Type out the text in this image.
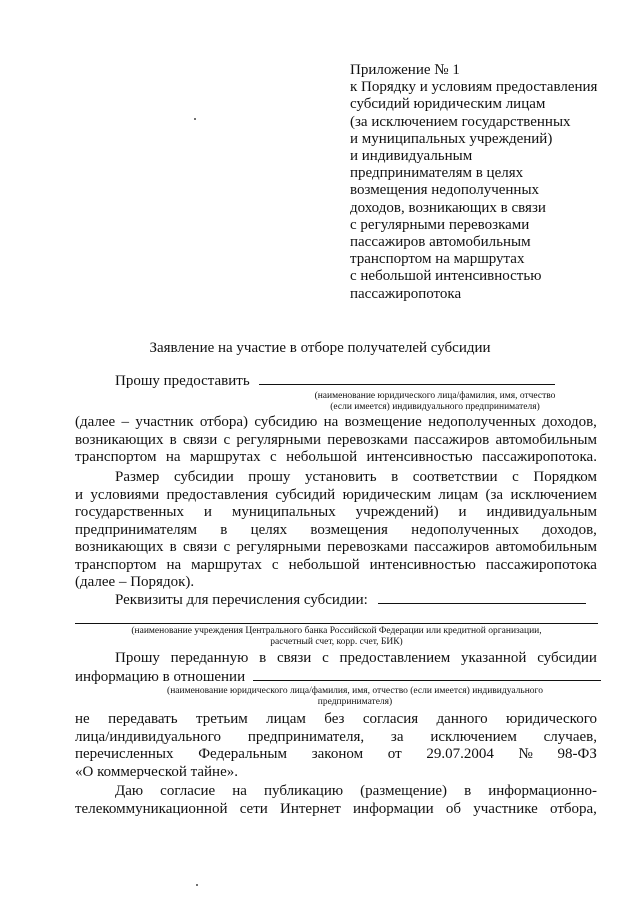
Приложение № 1
к Порядку и условиям предоставления
субсидий юридическим лицам
(за исключением государственных
и муниципальных учреждений)
и индивидуальным
предпринимателям в целях
возмещения недополученных
доходов, возникающих в связи
с регулярными перевозками
пассажиров автомобильным
транспортом на маршрутах
с небольшой интенсивностью
пассажиропотока
Заявление на участие в отборе получателей субсидии
Прошу предоставить
(наименование юридического лица/фамилия, имя, отчество
(если имеется) индивидуального предпринимателя)
(далее – участник отбора) субсидию на возмещение недополученных доходов,
возникающих в связи с регулярными перевозками пассажиров автомобильным
транспортом на маршрутах с небольшой интенсивностью пассажиропотока.
Размер субсидии прошу установить в соответствии с Порядком
и условиями предоставления субсидий юридическим лицам (за исключением
государственных и муниципальных учреждений) и индивидуальным
предпринимателям в целях возмещения недополученных доходов,
возникающих в связи с регулярными перевозками пассажиров автомобильным
транспортом на маршрутах с небольшой интенсивностью пассажиропотока
(далее – Порядок).
Реквизиты для перечисления субсидии:
(наименование учреждения Центрального банка Российской Федерации или кредитной организации,
расчетный счет, корр. счет, БИК)
Прошу переданную в связи с предоставлением указанной субсидии
информацию в отношении
(наименование юридического лица/фамилия, имя, отчество (если имеется) индивидуального
предпринимателя)
не передавать третьим лицам без согласия данного юридического
лица/индивидуального предпринимателя, за исключением случаев,
перечисленных Федеральным законом от 29.07.2004 № 98-ФЗ
«О коммерческой тайне».
Даю согласие на публикацию (размещение) в информационно-
телекоммуникационной сети Интернет информации об участнике отбора,
